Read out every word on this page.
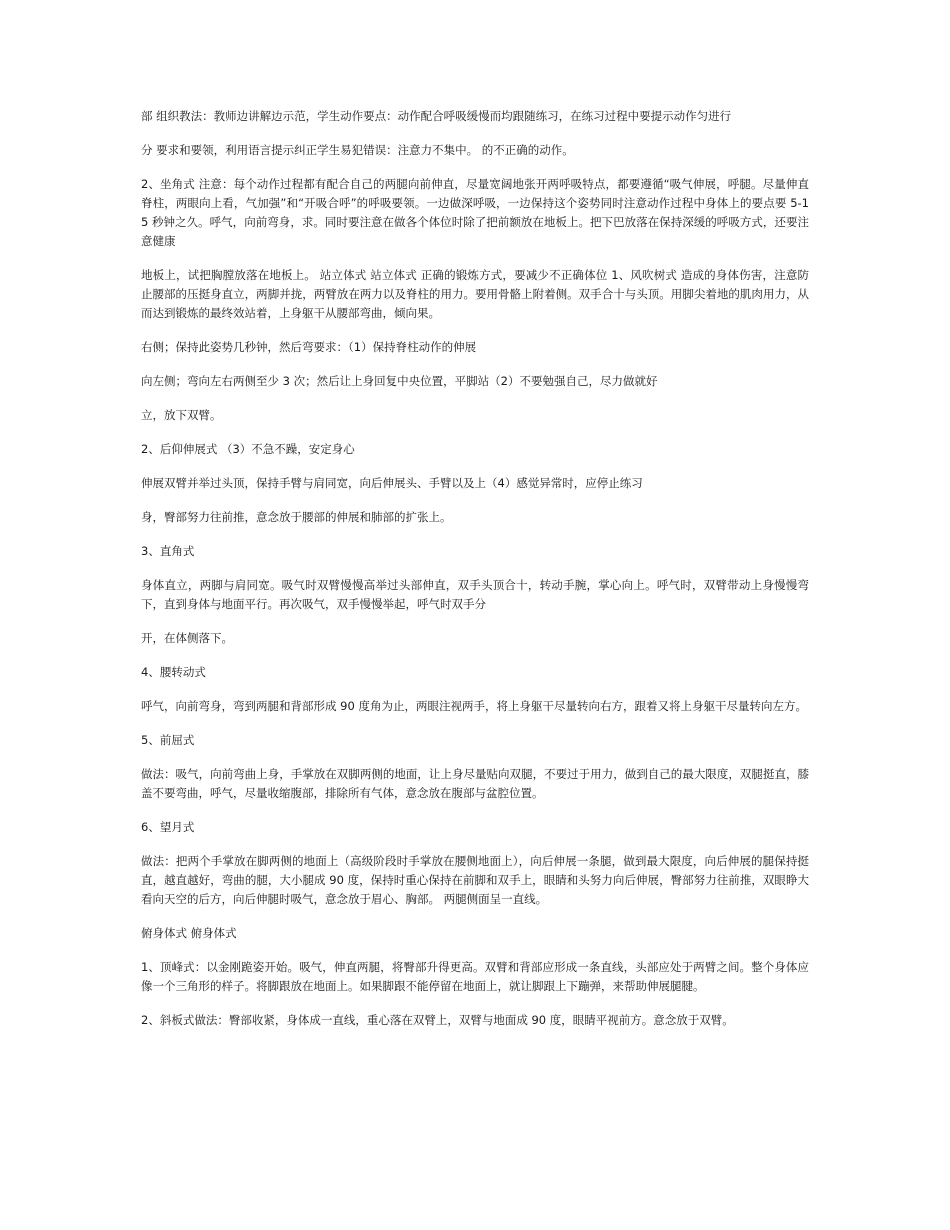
部 组织教法：教师边讲解边示范，学生动作要点：动作配合呼吸缓慢而均跟随练习，在练习过程中要提示动作匀进行

分 要求和要领，利用语言提示纠正学生易犯错误：注意力不集中。 的不正确的动作。

2、坐角式 注意：每个动作过程都有配合自己的两腿向前伸直，尽量宽阔地张开两呼吸特点，都要遵循“吸气伸展，呼腿。尽量伸直脊柱，两眼向上看，气加强”和“开吸合呼”的呼吸要领。一边做深呼吸，一边保持这个姿势同时注意动作过程中身体上的要点要 5-15 秒钟之久。呼气，向前弯身，求。同时要注意在做各个体位时除了把前额放在地板上。把下巴放落在保持深缓的呼吸方式，还要注意健康

地板上，试把胸膛放落在地板上。 站立体式 站立体式 正确的锻炼方式，要减少不正确体位 1、风吹树式 造成的身体伤害，注意防止腰部的压挺身直立，两脚并拢，两臂放在两力以及脊柱的用力。要用骨骼上附着侧。双手合十与头顶。用脚尖着地的肌肉用力，从而达到锻炼的最终效站着，上身躯干从腰部弯曲，倾向果。

右侧；保持此姿势几秒钟，然后弯要求：（1）保持脊柱动作的伸展

向左侧；弯向左右两侧至少 3 次；然后让上身回复中央位置，平脚站（2）不要勉强自己，尽力做就好

立，放下双臂。

2、后仰伸展式 （3）不急不躁，安定身心

伸展双臂并举过头顶，保持手臂与肩同宽，向后伸展头、手臂以及上（4）感觉异常时，应停止练习

身，臀部努力往前推，意念放于腰部的伸展和肺部的扩张上。

3、直角式

身体直立，两脚与肩同宽。吸气时双臂慢慢高举过头部伸直，双手头顶合十，转动手腕，掌心向上。呼气时，双臂带动上身慢慢弯下，直到身体与地面平行。再次吸气，双手慢慢举起，呼气时双手分

开，在体侧落下。

4、腰转动式

呼气，向前弯身，弯到两腿和背部形成 90 度角为止，两眼注视两手，将上身躯干尽量转向右方，跟着又将上身躯干尽量转向左方。

5、前屈式

做法：吸气，向前弯曲上身，手掌放在双脚两侧的地面，让上身尽量贴向双腿，不要过于用力，做到自己的最大限度，双腿挺直，膝盖不要弯曲，呼气，尽量收缩腹部，排除所有气体，意念放在腹部与盆腔位置。

6、望月式

做法：把两个手掌放在脚两侧的地面上（高级阶段时手掌放在腰侧地面上），向后伸展一条腿，做到最大限度，向后伸展的腿保持挺直，越直越好，弯曲的腿，大小腿成 90 度，保持时重心保持在前脚和双手上，眼睛和头努力向后伸展，臀部努力往前推，双眼睁大看向天空的后方，向后伸腿时吸气，意念放于眉心、胸部。 两腿侧面呈一直线。

俯身体式 俯身体式

1、顶峰式：以金刚跪姿开始。吸气，伸直两腿，将臀部升得更高。双臂和背部应形成一条直线，头部应处于两臂之间。整个身体应像一个三角形的样子。将脚跟放在地面上。如果脚跟不能停留在地面上，就让脚跟上下蹦弹，来帮助伸展腿腱。

2、斜板式做法：臀部收紧，身体成一直线，重心落在双臂上，双臂与地面成 90 度，眼睛平视前方。意念放于双臂。
